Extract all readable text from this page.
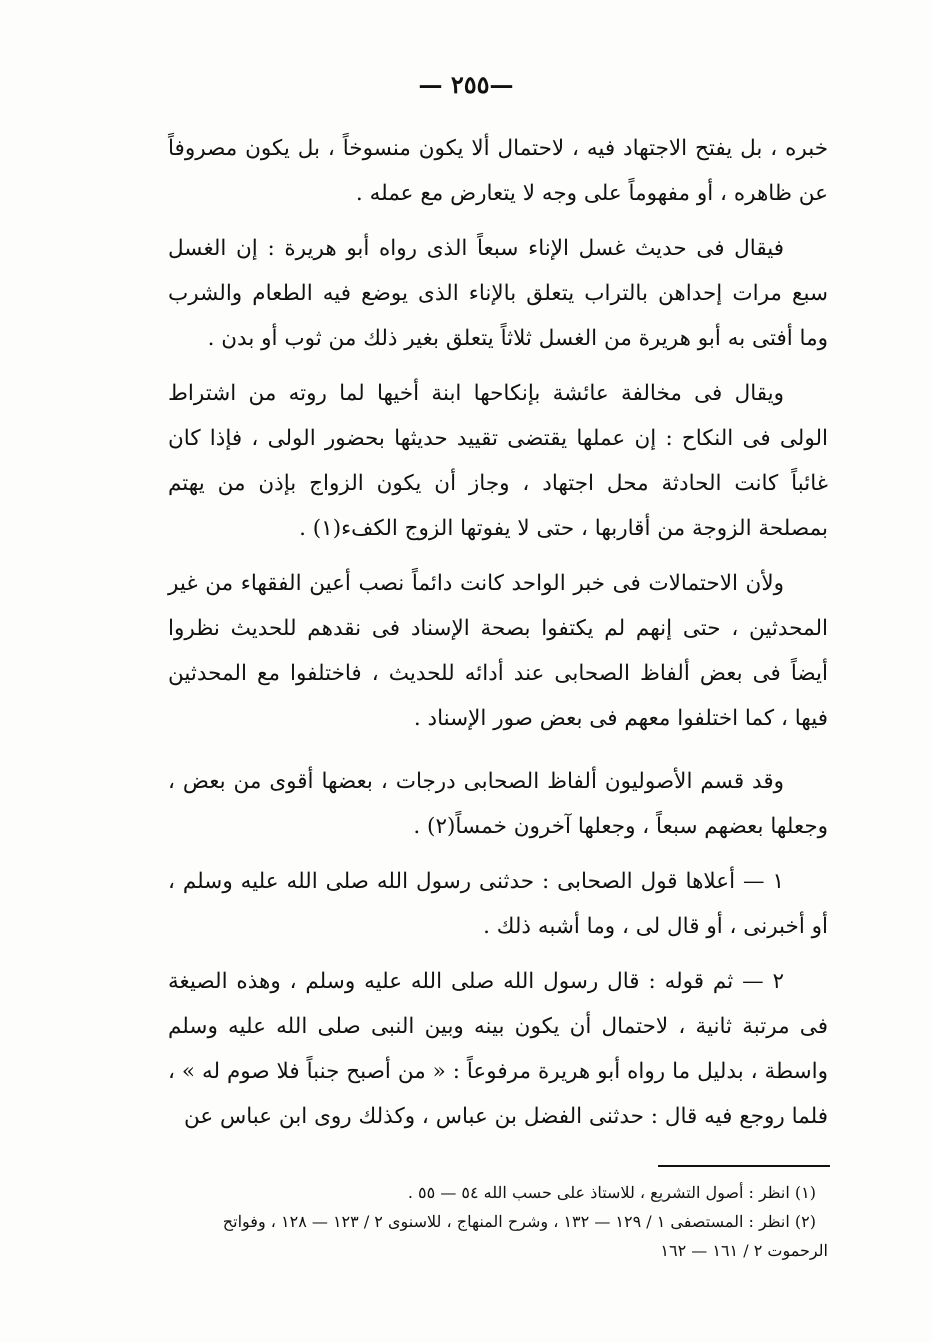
—٢٥٥ —

خبره ، بل يفتح الاجتهاد فيه ، لاحتمال ألا يكون منسوخاً ، بل يكون مصروفاً عن ظاهره ، أو مفهوماً على وجه لا يتعارض مع عمله .

فيقال فى حديث غسل الإناء سبعاً الذى رواه أبو هريرة : إن الغسل سبع مرات إحداهن بالتراب يتعلق بالإناء الذى يوضع فيه الطعام والشرب وما أفتى به أبو هريرة من الغسل ثلاثاً يتعلق بغير ذلك من ثوب أو بدن .

ويقال فى مخالفة عائشة بإنكاحها ابنة أخيها لما روته من اشتراط الولى فى النكاح : إن عملها يقتضى تقييد حديثها بحضور الولى ، فإذا كان غائباً كانت الحادثة محل اجتهاد ، وجاز أن يكون الزواج بإذن من يهتم بمصلحة الزوجة من أقاربها ، حتى لا يفوتها الزوج الكفء(١) .

ولأن الاحتمالات فى خبر الواحد كانت دائماً نصب أعين الفقهاء من غير المحدثين ، حتى إنهم لم يكتفوا بصحة الإسناد فى نقدهم للحديث نظروا أيضاً فى بعض ألفاظ الصحابى عند أدائه للحديث ، فاختلفوا مع المحدثين فيها ، كما اختلفوا معهم فى بعض صور الإسناد .

وقد قسم الأصوليون ألفاظ الصحابى درجات ، بعضها أقوى من بعض ، وجعلها بعضهم سبعاً ، وجعلها آخرون خمساً(٢) .

١ — أعلاها قول الصحابى : حدثنى رسول الله صلى الله عليه وسلم ، أو أخبرنى ، أو قال لى ، وما أشبه ذلك .

٢ — ثم قوله : قال رسول الله صلى الله عليه وسلم ، وهذه الصيغة فى مرتبة ثانية ، لاحتمال أن يكون بينه وبين النبى صلى الله عليه وسلم واسطة ، بدليل ما رواه أبو هريرة مرفوعاً : « من أصبح جنباً فلا صوم له » ، فلما روجع فيه قال : حدثنى الفضل بن عباس ، وكذلك روى ابن عباس عن

(١) انظر : أصول التشريع ، للاستاذ على حسب الله ٥٤ — ٥٥ .

(٢) انظر : المستصفى ١ / ١٢٩ — ١٣٢ ، وشرح المنهاج ، للاسنوى ٢ / ١٢٣ — ١٢٨ ، وفواتح الرحموت ٢ / ١٦١ — ١٦٢
